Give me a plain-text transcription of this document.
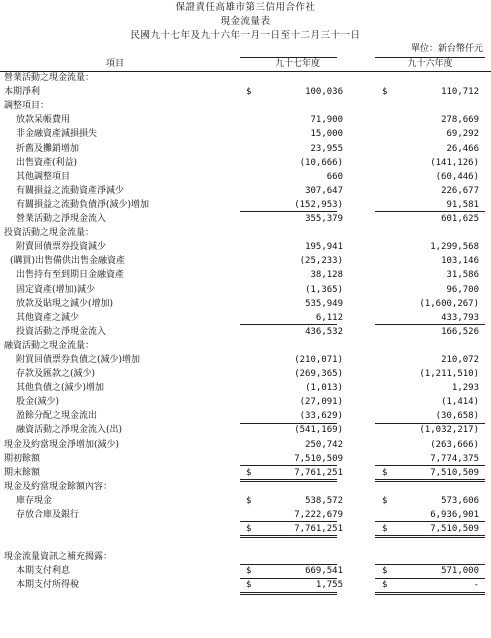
保證責任高雄市第三信用合作社
現金流量表
民國九十七年及九十六年一月一日至十二月三十一日
單位：新台幣仟元
項目	九十七年度	九十六年度
營業活動之現金流量：
本期淨利	$	100,036	$	110,712
調整項目：
放款呆帳費用	71,900	278,669
非金融資產減損損失	15,000	69,292
折舊及攤銷增加	23,955	26,466
出售資產(利益)	(10,666)	(141,126)
其他調整項目	660	(60,446)
有關損益之流動資產淨減少	307,647	226,677
有關損益之流動負債淨(減少)增加	(152,953)	91,581
營業活動之淨現金流入	355,379	601,625
投資活動之現金流量：
附賣回債票券投資減少	195,941	1,299,568
(購買)出售備供出售金融資產	(25,233)	103,146
出售持有至到期日金融資產	38,128	31,586
固定資產(增加)減少	(1,365)	96,700
放款及貼現之減少(增加)	535,949	(1,600,267)
其他資產之減少	6,112	433,793
投資活動之淨現金流入	436,532	166,526
融資活動之現金流量：
附買回債票券負債之(減少)增加	(210,071)	210,072
存款及匯款之(減少)	(269,365)	(1,211,510)
其他負債之(減少)增加	(1,013)	1,293
股金(減少)	(27,091)	(1,414)
盈餘分配之現金流出	(33,629)	(30,658)
融資活動之淨現金流入(出)	(541,169)	(1,032,217)
現金及約當現金淨增加(減少)	250,742	(263,666)
期初餘額	7,510,509	7,774,375
期末餘額	$	7,761,251	$	7,510,509
現金及約當現金餘額內容：
庫存現金	$	538,572	$	573,606
存放合庫及銀行	7,222,679	6,936,901
$	7,761,251	$	7,510,509
現金流量資訊之補充揭露：
本期支付利息	$	669,541	$	571,000
本期支付所得稅	$	1,755	$	-
